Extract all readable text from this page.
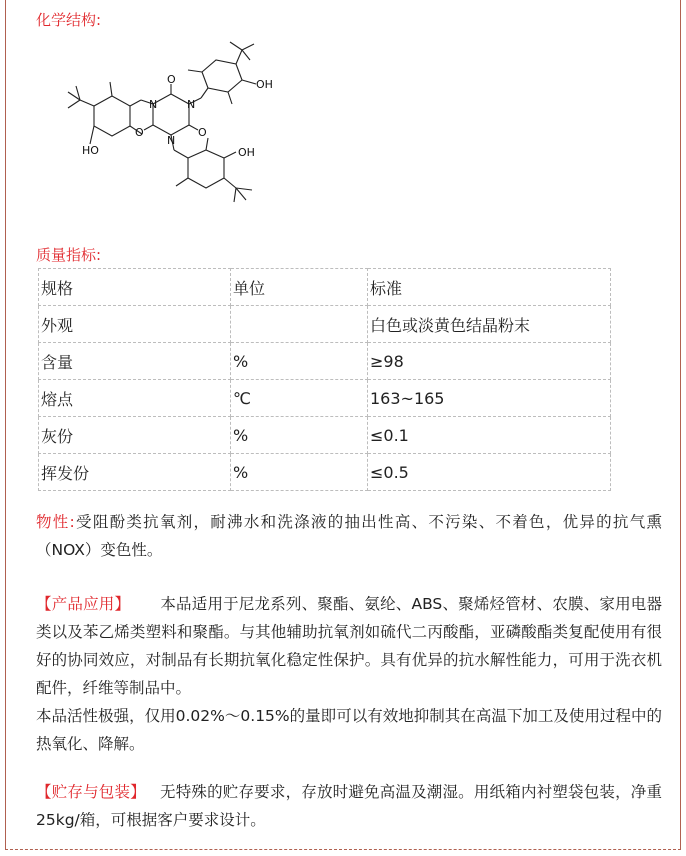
化学结构:
OH
HO	OH
N	N
N
O
O	O
质量指标:
规格	单位	标准
外观		白色或淡黄色结晶粉末
含量	%	≥98
熔点	℃	163~165
灰份	%	≤0.1
挥发份	%	≤0.5
物性:受阻酚类抗氧剂，耐沸水和洗涤液的抽出性高、不污染、不着色，优异的抗气熏（NOX）变色性。
【产品应用】 本品适用于尼龙系列、聚酯、氨纶、ABS、聚烯烃管材、农膜、家用电器类以及苯乙烯类塑料和聚酯。与其他辅助抗氧剂如硫代二丙酸酯，亚磷酸酯类复配使用有很好的协同效应，对制品有长期抗氧化稳定性保护。具有优异的抗水解性能力，可用于洗衣机配件，纤维等制品中。
本品活性极强，仅用0.02%～0.15%的量即可以有效地抑制其在高温下加工及使用过程中的热氧化、降解。
【贮存与包装】 无特殊的贮存要求，存放时避免高温及潮湿。用纸箱内衬塑袋包装，净重25kg/箱，可根据客户要求设计。
